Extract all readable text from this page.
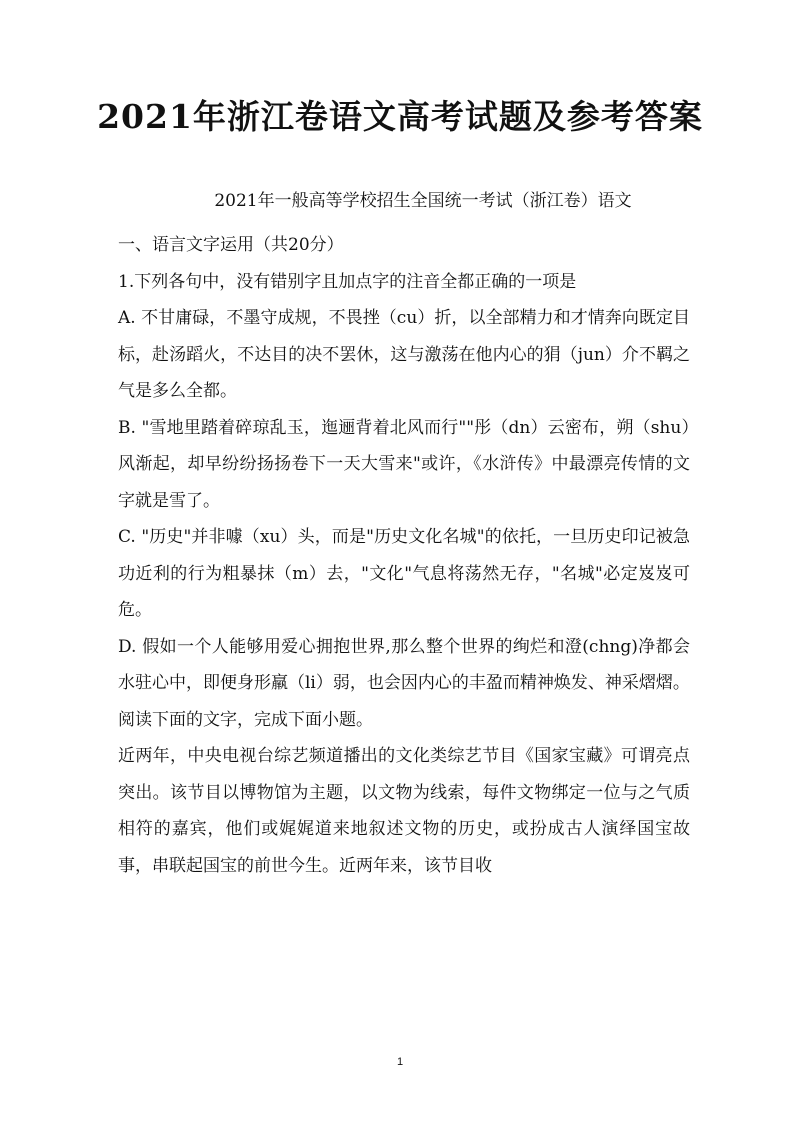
2021年浙江卷语文高考试题及参考答案
2021年一般高等学校招生全国统一考试（浙江卷）语文

一、语言文字运用（共20分）

1.下列各句中，没有错别字且加点字的注音全都正确的一项是

A. 不甘庸碌，不墨守成规，不畏挫（cu）折，以全部精力和才情奔向既定目标，赴汤蹈火，不达目的决不罢休，这与激荡在他内心的狷（jun）介不羁之气是多么全都。

B. "雪地里踏着碎琼乱玉，迤逦背着北风而行""彤（dn）云密布，朔（shu）风渐起，却早纷纷扬扬卷下一天大雪来"或许，《水浒传》中最漂亮传情的文字就是雪了。

C. "历史"并非噱（xu）头，而是"历史文化名城"的依托，一旦历史印记被急功近利的行为粗暴抹（m）去，"文化"气息将荡然无存，"名城"必定岌岌可危。

D. 假如一个人能够用爱心拥抱世界,那么整个世界的绚烂和澄(chng)净都会水驻心中，即便身形羸（li）弱，也会因内心的丰盈而精神焕发、神采熠熠。

阅读下面的文字，完成下面小题。

近两年，中央电视台综艺频道播出的文化类综艺节目《国家宝藏》可谓亮点突出。该节目以博物馆为主题，以文物为线索，每件文物绑定一位与之气质相符的嘉宾，他们或娓娓道来地叙述文物的历史，或扮成古人演绎国宝故事，串联起国宝的前世今生。近两年来，该节目收

1
